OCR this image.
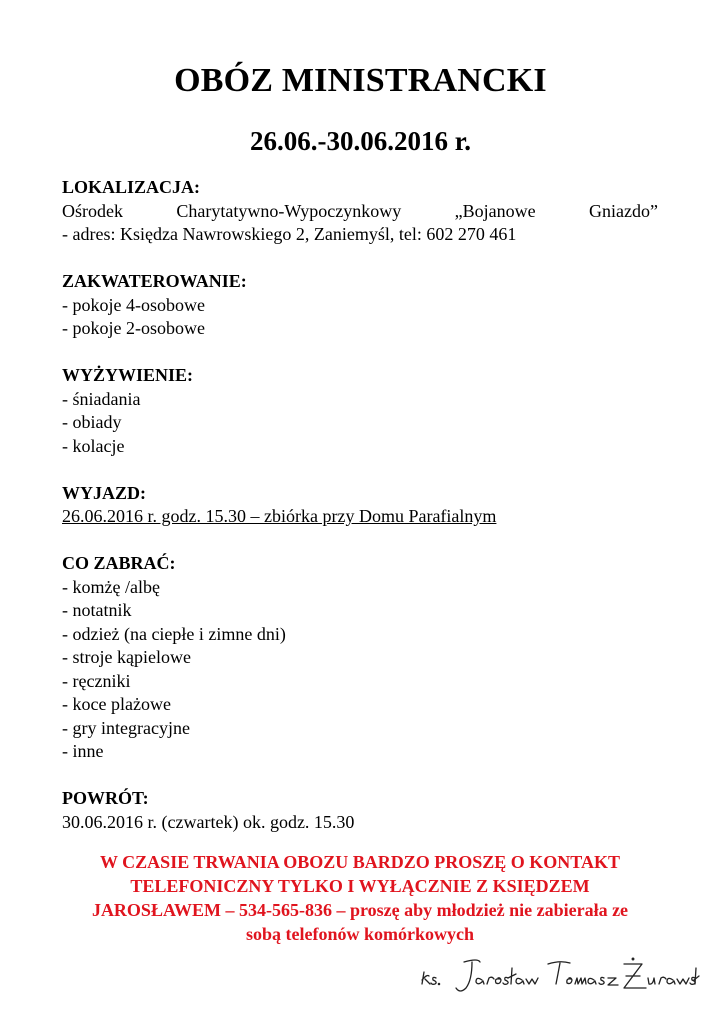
OBÓZ MINISTRANCKI
26.06.-30.06.2016 r.
LOKALIZACJA:
Ośrodek	Charytatywno-Wypoczynkowy	„Bojanowe	Gniazdo”
- adres: Księdza Nawrowskiego 2, Zaniemyśl, tel: 602 270 461
ZAKWATEROWANIE:
- pokoje 4-osobowe
- pokoje 2-osobowe
WYŻYWIENIE:
- śniadania
- obiady
- kolacje
WYJAZD:
26.06.2016 r. godz. 15.30 – zbiórka przy Domu Parafialnym
CO ZABRAĆ:
- komżę /albę
- notatnik
- odzież (na ciepłe i zimne dni)
- stroje kąpielowe
- ręczniki
- koce plażowe
- gry integracyjne
- inne
POWRÓT:
30.06.2016 r. (czwartek) ok. godz. 15.30
W CZASIE TRWANIA OBOZU BARDZO PROSZĘ O KONTAKT
TELEFONICZNY TYLKO I WYŁĄCZNIE Z KSIĘDZEM
JAROSŁAWEM – 534-565-836 – proszę aby młodzież nie zabierała ze
sobą telefonów komórkowych
